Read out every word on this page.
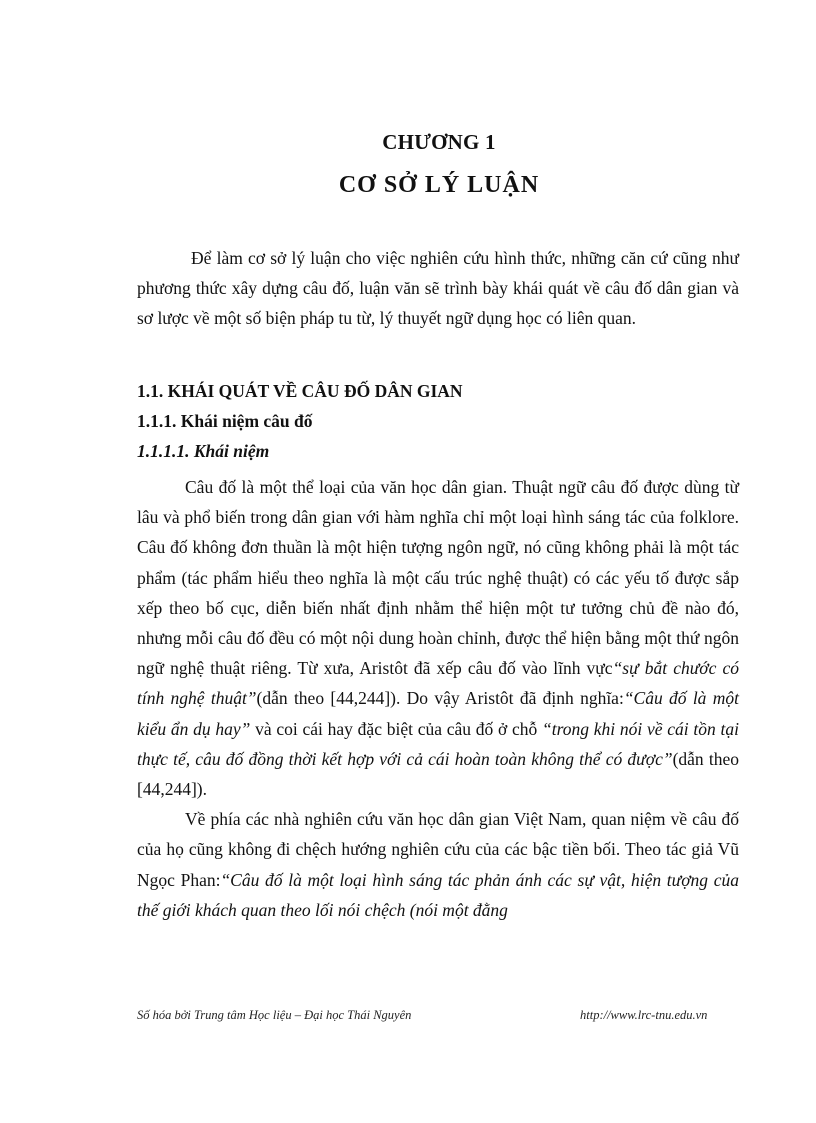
CHƯƠNG 1
CƠ SỞ LÝ LUẬN

Để làm cơ sở lý luận cho việc nghiên cứu hình thức, những căn cứ cũng như phương thức xây dựng câu đố, luận văn sẽ trình bày khái quát về câu đố dân gian và sơ lược về một số biện pháp tu từ, lý thuyết ngữ dụng học có liên quan.

1.1. KHÁI QUÁT VỀ CÂU ĐỐ DÂN GIAN

1.1.1. Khái niệm câu đố

1.1.1.1. Khái niệm

Câu đố là một thể loại của văn học dân gian. Thuật ngữ câu đố được dùng từ lâu và phổ biến trong dân gian với hàm nghĩa chỉ một loại hình sáng tác của folklore. Câu đố không đơn thuần là một hiện tượng ngôn ngữ, nó cũng không phải là một tác phẩm (tác phẩm hiểu theo nghĩa là một cấu trúc nghệ thuật) có các yếu tố được sắp xếp theo bố cục, diễn biến nhất định nhằm thể hiện một tư tưởng chủ đề nào đó, nhưng mỗi câu đố đều có một nội dung hoàn chỉnh, được thể hiện bằng một thứ ngôn ngữ nghệ thuật riêng. Từ xưa, Aristôt đã xếp câu đố vào lĩnh vực“sự bắt chước có tính nghệ thuật”(dẫn theo [44,244]). Do vậy Aristôt đã định nghĩa:“Câu đố là một kiểu ẩn dụ hay” và coi cái hay đặc biệt của câu đố ở chỗ “trong khi nói về cái tồn tại thực tế, câu đố đồng thời kết hợp với cả cái hoàn toàn không thể có được”(dẫn theo [44,244]).

Về phía các nhà nghiên cứu văn học dân gian Việt Nam, quan niệm về câu đố của họ cũng không đi chệch hướng nghiên cứu của các bậc tiền bối. Theo tác giả Vũ Ngọc Phan:“Câu đố là một loại hình sáng tác phản ánh các sự vật, hiện tượng của thế giới khách quan theo lối nói chệch (nói một đằng

Số hóa bởi Trung tâm Học liệu – Đại học Thái Nguyên	http://www.lrc-tnu.edu.vn
